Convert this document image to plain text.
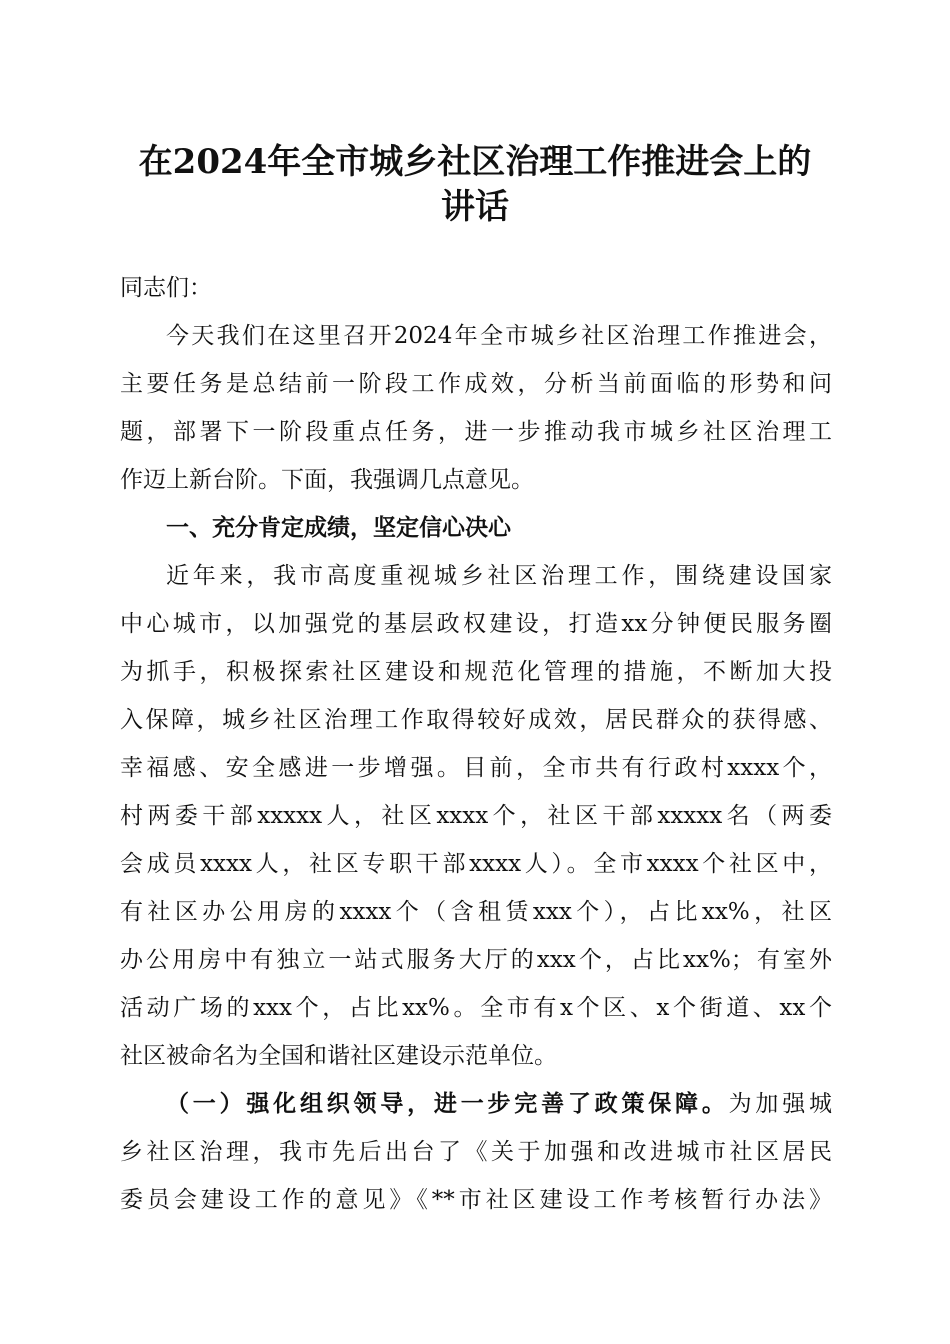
在2024年全市城乡社区治理工作推进会上的
讲话
同志们：
今天我们在这里召开2024年全市城乡社区治理工作推进会，
主要任务是总结前一阶段工作成效，分析当前面临的形势和问
题，部署下一阶段重点任务，进一步推动我市城乡社区治理工
作迈上新台阶。下面，我强调几点意见。
一、充分肯定成绩，坚定信心决心
近年来，我市高度重视城乡社区治理工作，围绕建设国家
中心城市，以加强党的基层政权建设，打造xx分钟便民服务圈
为抓手，积极探索社区建设和规范化管理的措施，不断加大投
入保障，城乡社区治理工作取得较好成效，居民群众的获得感、
幸福感、安全感进一步增强。目前，全市共有行政村xxxx个，
村两委干部xxxxx人，社区xxxx个，社区干部xxxxx名（两委
会成员xxxx人，社区专职干部xxxx人）。全市xxxx个社区中，
有社区办公用房的xxxx个（含租赁xxx个），占比xx%，社区
办公用房中有独立一站式服务大厅的xxx个，占比xx%；有室外
活动广场的xxx个，占比xx%。全市有x个区、x个街道、xx个
社区被命名为全国和谐社区建设示范单位。
（一）强化组织领导，进一步完善了政策保障。为加强城
乡社区治理，我市先后出台了《关于加强和改进城市社区居民
委员会建设工作的意见》《**市社区建设工作考核暂行办法》
